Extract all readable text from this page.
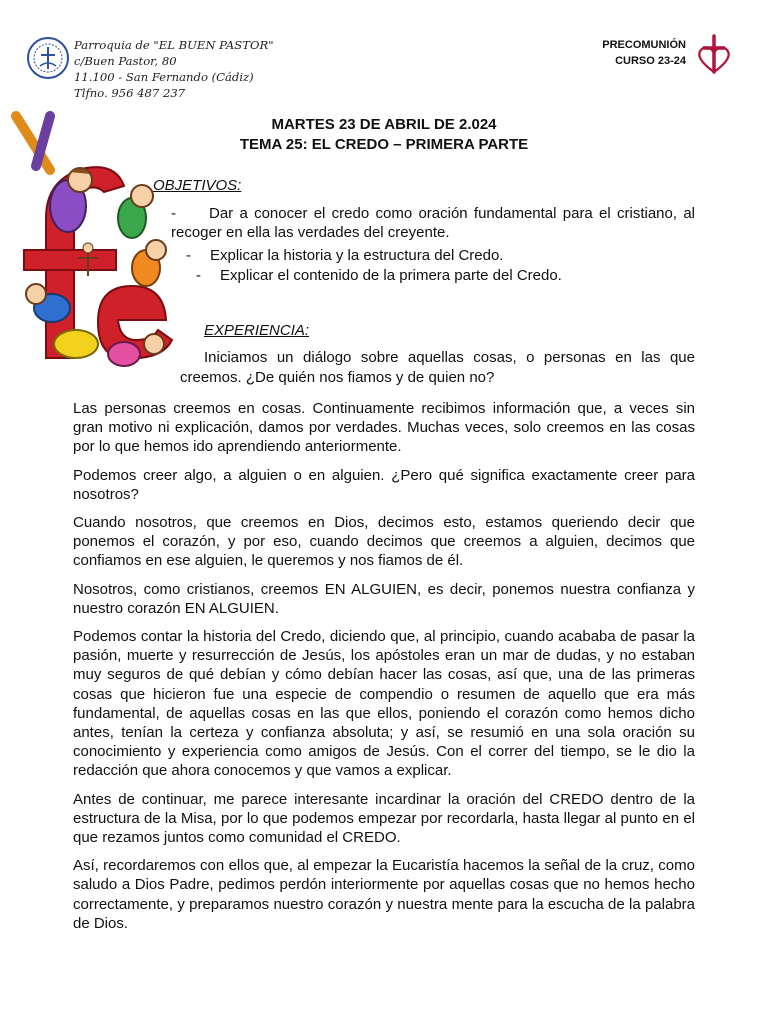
Parroquia de "EL BUEN PASTOR"
c/Buen Pastor, 80
11.100 - San Fernando (Cádiz)
Tlfno. 956 487 237
PRECOMUNIÓN
CURSO 23-24
MARTES 23 DE ABRIL DE 2.024
TEMA 25: EL CREDO – PRIMERA PARTE
OBJETIVOS:
- Dar a conocer el credo como oración fundamental para el cristiano, al recoger en ella las verdades del creyente.
- Explicar la historia y la estructura del Credo.
- Explicar el contenido de la primera parte del Credo.
EXPERIENCIA:

Iniciamos un diálogo sobre aquellas cosas, o personas en las que creemos. ¿De quién nos fiamos y de quien no?

Las personas creemos en cosas. Continuamente recibimos información que, a veces sin gran motivo ni explicación, damos por verdades. Muchas veces, solo creemos en las cosas por lo que hemos ido aprendiendo anteriormente.

Podemos creer algo, a alguien o en alguien. ¿Pero qué significa exactamente creer para nosotros?

Cuando nosotros, que creemos en Dios, decimos esto, estamos queriendo decir que ponemos el corazón, y por eso, cuando decimos que creemos a alguien, decimos que confiamos en ese alguien, le queremos y nos fiamos de él.

Nosotros, como cristianos, creemos EN ALGUIEN, es decir, ponemos nuestra confianza y nuestro corazón EN ALGUIEN.

Podemos contar la historia del Credo, diciendo que, al principio, cuando acababa de pasar la pasión, muerte y resurrección de Jesús, los apóstoles eran un mar de dudas, y no estaban muy seguros de qué debían y cómo debían hacer las cosas, así que, una de las primeras cosas que hicieron fue una especie de compendio o resumen de aquello que era más fundamental, de aquellas cosas en las que ellos, poniendo el corazón como hemos dicho antes, tenían la certeza y confianza absoluta; y así, se resumió en una sola oración su conocimiento y experiencia como amigos de Jesús. Con el correr del tiempo, se le dio la redacción que ahora conocemos y que vamos a explicar.

Antes de continuar, me parece interesante incardinar la oración del CREDO dentro de la estructura de la Misa, por lo que podemos empezar por recordarla, hasta llegar al punto en el que rezamos juntos como comunidad el CREDO.

Así, recordaremos con ellos que, al empezar la Eucaristía hacemos la señal de la cruz, como saludo a Dios Padre, pedimos perdón interiormente por aquellas cosas que no hemos hecho correctamente, y preparamos nuestro corazón y nuestra mente para la escucha de la palabra de Dios.
